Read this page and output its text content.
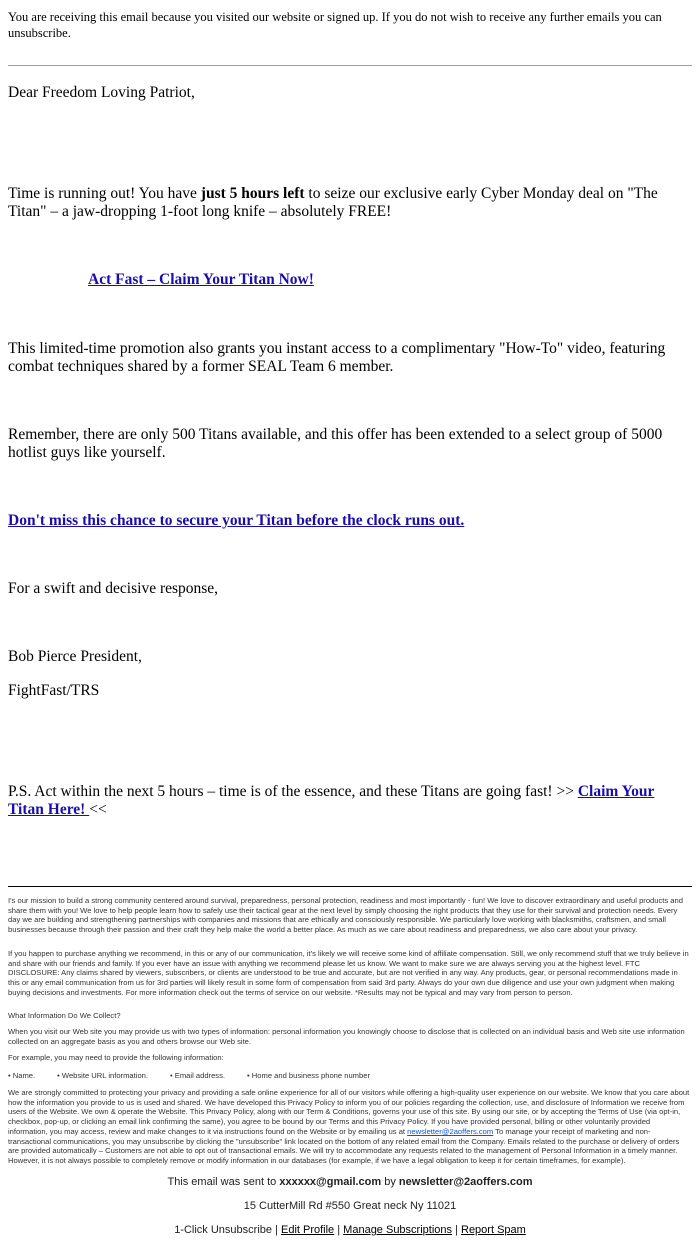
You are receiving this email because you visited our website or signed up. If you do not wish to receive any further emails you can unsubscribe.

Dear Freedom Loving Patriot,

Time is running out! You have just 5 hours left to seize our exclusive early Cyber Monday deal on "The Titan" – a jaw-dropping 1-foot long knife – absolutely FREE!

Act Fast – Claim Your Titan Now!

This limited-time promotion also grants you instant access to a complimentary "How-To" video, featuring combat techniques shared by a former SEAL Team 6 member.

Remember, there are only 500 Titans available, and this offer has been extended to a select group of 5000 hotlist guys like yourself.

Don't miss this chance to secure your Titan before the clock runs out.

For a swift and decisive response,

Bob Pierce President,

FightFast/TRS

P.S. Act within the next 5 hours – time is of the essence, and these Titans are going fast! >> Claim Your Titan Here! <<

I's our mission to build a strong community centered around survival, preparedness, personal protection, readiness and most importantly - fun! We love to discover extraordinary and useful products and share them with you! We love to help people learn how to safely use their tactical gear at the next level by simply choosing the right products that they use for their survival and protection needs. Every day we are building and strengthening partnerships with companies and missions that are ethically and consciously responsible. We particularly love working with blacksmiths, craftsmen, and small businesses because through their passion and their craft they help make the world a better place. As much as we care about readiness and preparedness, we also care about your privacy.

If you happen to purchase anything we recommend, in this or any of our communication, it's likely we will receive some kind of affiliate compensation. Still, we only recommend stuff that we truly believe in and share with our friends and family. If you ever have an issue with anything we recommend please let us know. We want to make sure we are always serving you at the highest level. FTC DISCLOSURE: Any claims shared by viewers, subscribers, or clients are understood to be true and accurate, but are not verified in any way. Any products, gear, or personal recommendations made in this or any email communication from us for 3rd parties will likely result in some form of compensation from said 3rd party. Always do your own due diligence and use your own judgment when making buying decisions and investments. For more information check out the terms of service on our website. *Results may not be typical and may vary from person to person.

What Information Do We Collect?

When you visit our Web site you may provide us with two types of information: personal information you knowingly choose to disclose that is collected on an individual basis and Web site use information collected on an aggregate basis as you and others browse our Web site.

For example, you may need to provide the following information:

• Name.	• Website URL information.	• Email address.	• Home and business phone number

We are strongly committed to protecting your privacy and providing a safe online experience for all of our visitors while offering a high-quality user experience on our website. We know that you care about how the information you provide to us is used and shared. We have developed this Privacy Policy to inform you of our policies regarding the collection, use, and disclosure of Information we receive from users of the Website. We own & operate the Website. This Privacy Policy, along with our Term & Conditions, governs your use of this site. By using our site, or by accepting the Terms of Use (via opt-in, checkbox, pop-up, or clicking an email link confirming the same), you agree to be bound by our Terms and this Privacy Policy. If you have provided personal, billing or other voluntarily provided information, you may access, review and make changes to it via instructions found on the Website or by emailing us at newsletter@2aoffers.com To manage your receipt of marketing and non-transactional communications, you may unsubscribe by clicking the "unsubscribe" link located on the bottom of any related email from the Company. Emails related to the purchase or delivery of orders are provided automatically – Customers are not able to opt out of transactional emails. We will try to accommodate any requests related to the management of Personal Information in a timely manner. However, it is not always possible to completely remove or modify information in our databases (for example, if we have a legal obligation to keep it for certain timeframes, for example).

This email was sent to xxxxxx@gmail.com by newsletter@2aoffers.com
15 CutterMill Rd #550 Great neck Ny 11021
1-Click Unsubscribe | Edit Profile | Manage Subscriptions | Report Spam
